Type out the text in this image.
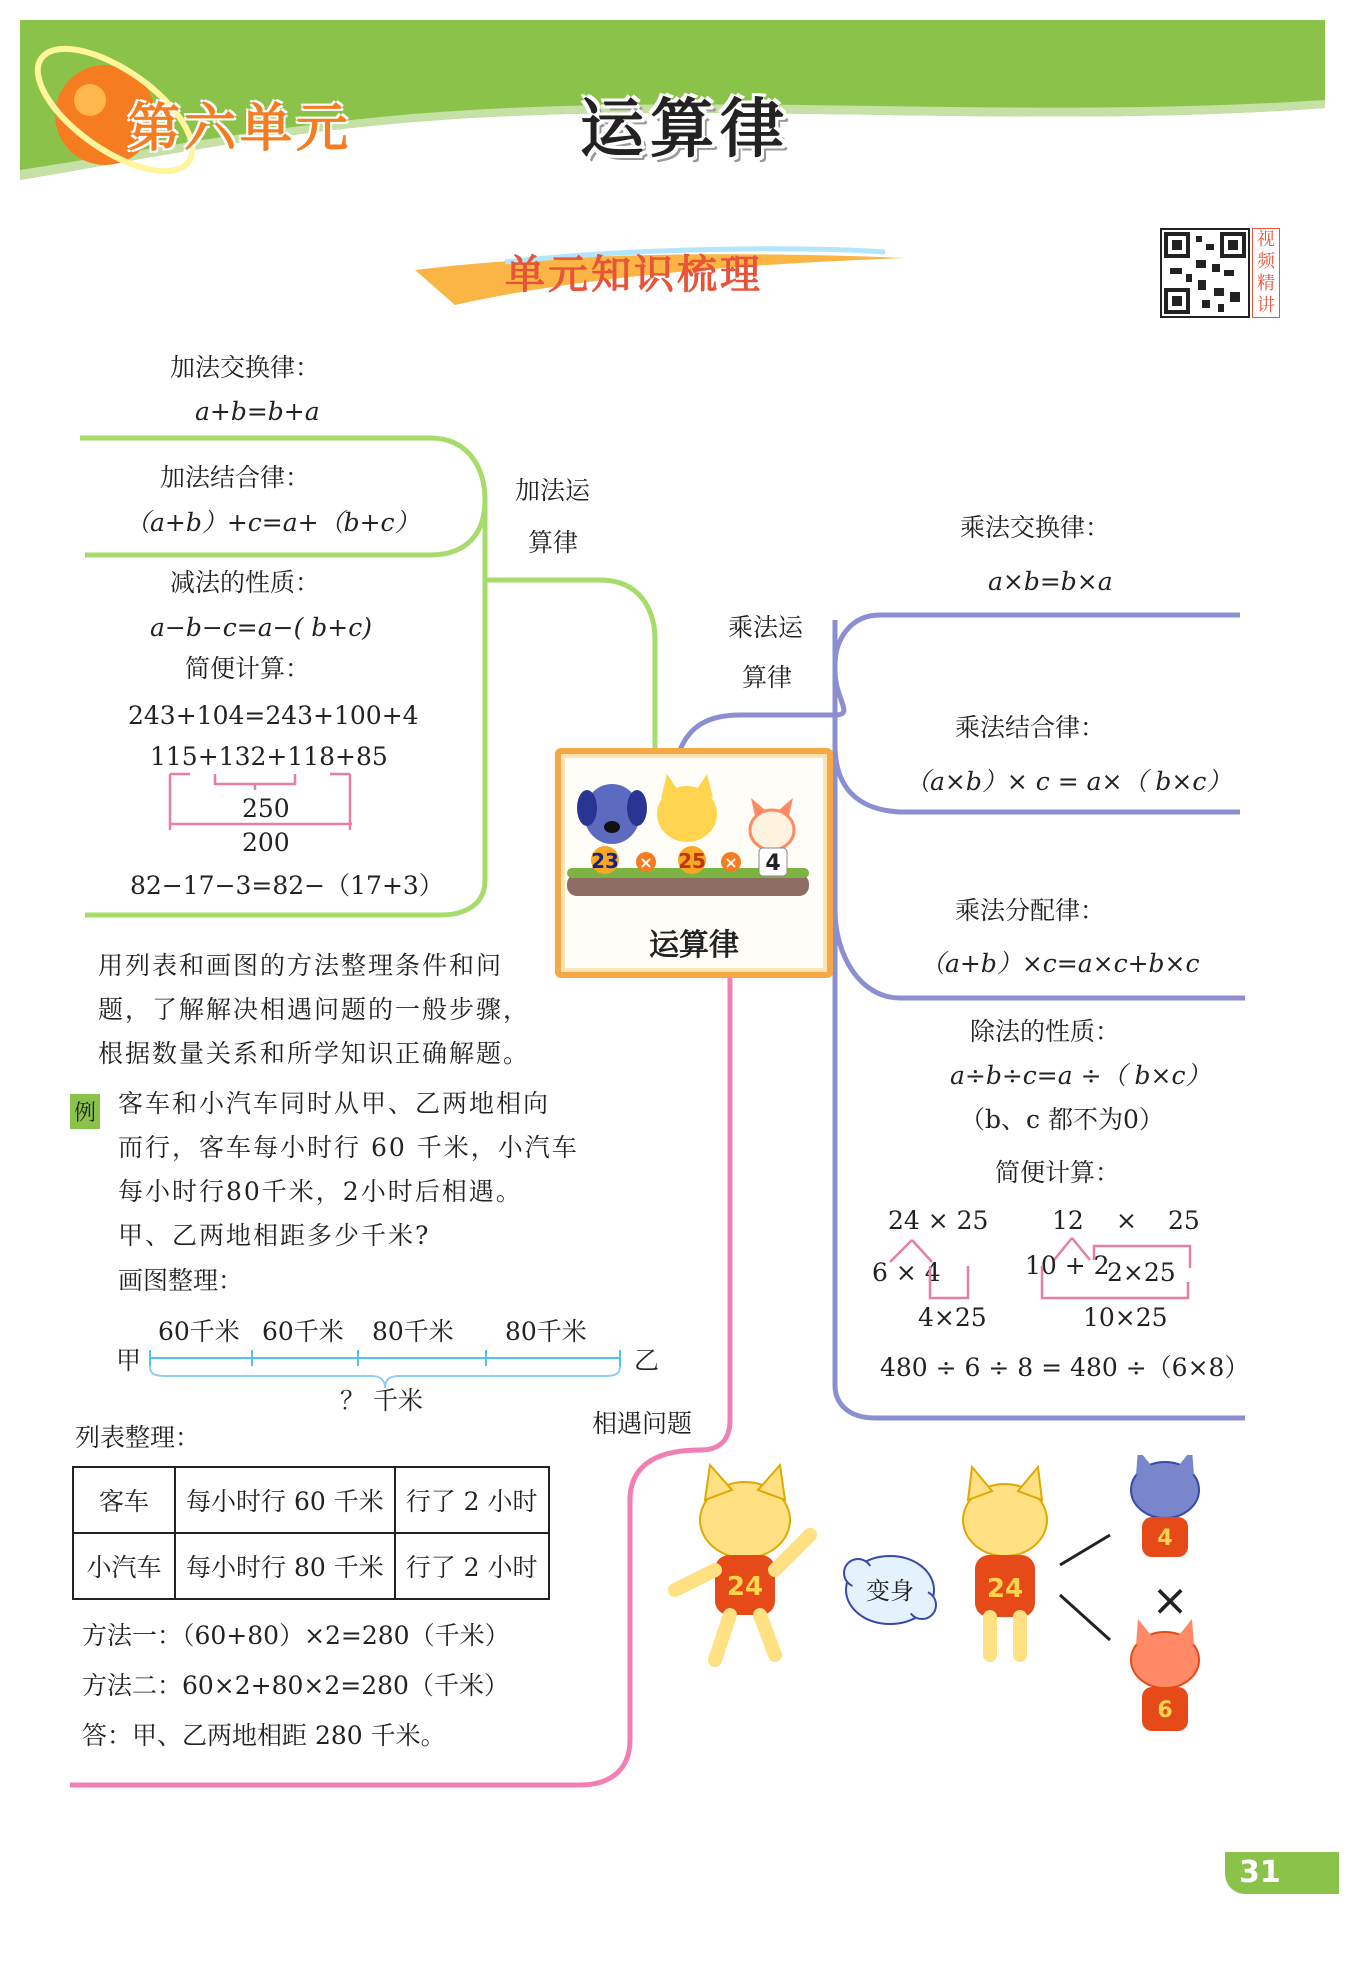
第六单元	运算律
单元知识梳理
视频精讲
加法交换律：
a+b=b+a
加法结合律：
（a+b）+c=a+（b+c）
减法的性质：
a−b−c=a−( b+c)
简便计算：
243+104=243+100+4
115+132+118+85
250
200
82−17−3=82−（17+3）
加法运
算律
乘法运
算律
相遇问题
23 × 25 × 4
运算律
乘法交换律：
a×b=b×a
乘法结合律：
（a×b）× c = a×（ b×c）
乘法分配律：
（a+b）×c=a×c+b×c
除法的性质：
a÷b÷c=a ÷（ b×c）
（b、c 都不为0）
简便计算：
24 × 25
6 × 4
4×25
12 × 25
10 + 2
2×25
10×25
480 ÷ 6 ÷ 8 = 480 ÷（6×8）
用列表和画图的方法整理条件和问
题，了解解决相遇问题的一般步骤，
根据数量关系和所学知识正确解题。
例 客车和小汽车同时从甲、乙两地相向
而行，客车每小时行 60 千米，小汽车
每小时行80千米，2小时后相遇。
甲、乙两地相距多少千米?
画图整理：
60千米 60千米 80千米 80千米
甲	乙
？ 千米
列表整理：
客车	每小时行 60 千米	行了 2 小时
小汽车	每小时行 80 千米	行了 2 小时
方法一：（60+80）×2=280（千米）
方法二：60×2+80×2=280（千米）
答：甲、乙两地相距 280 千米。
24	变身	24	×
4
6
31
